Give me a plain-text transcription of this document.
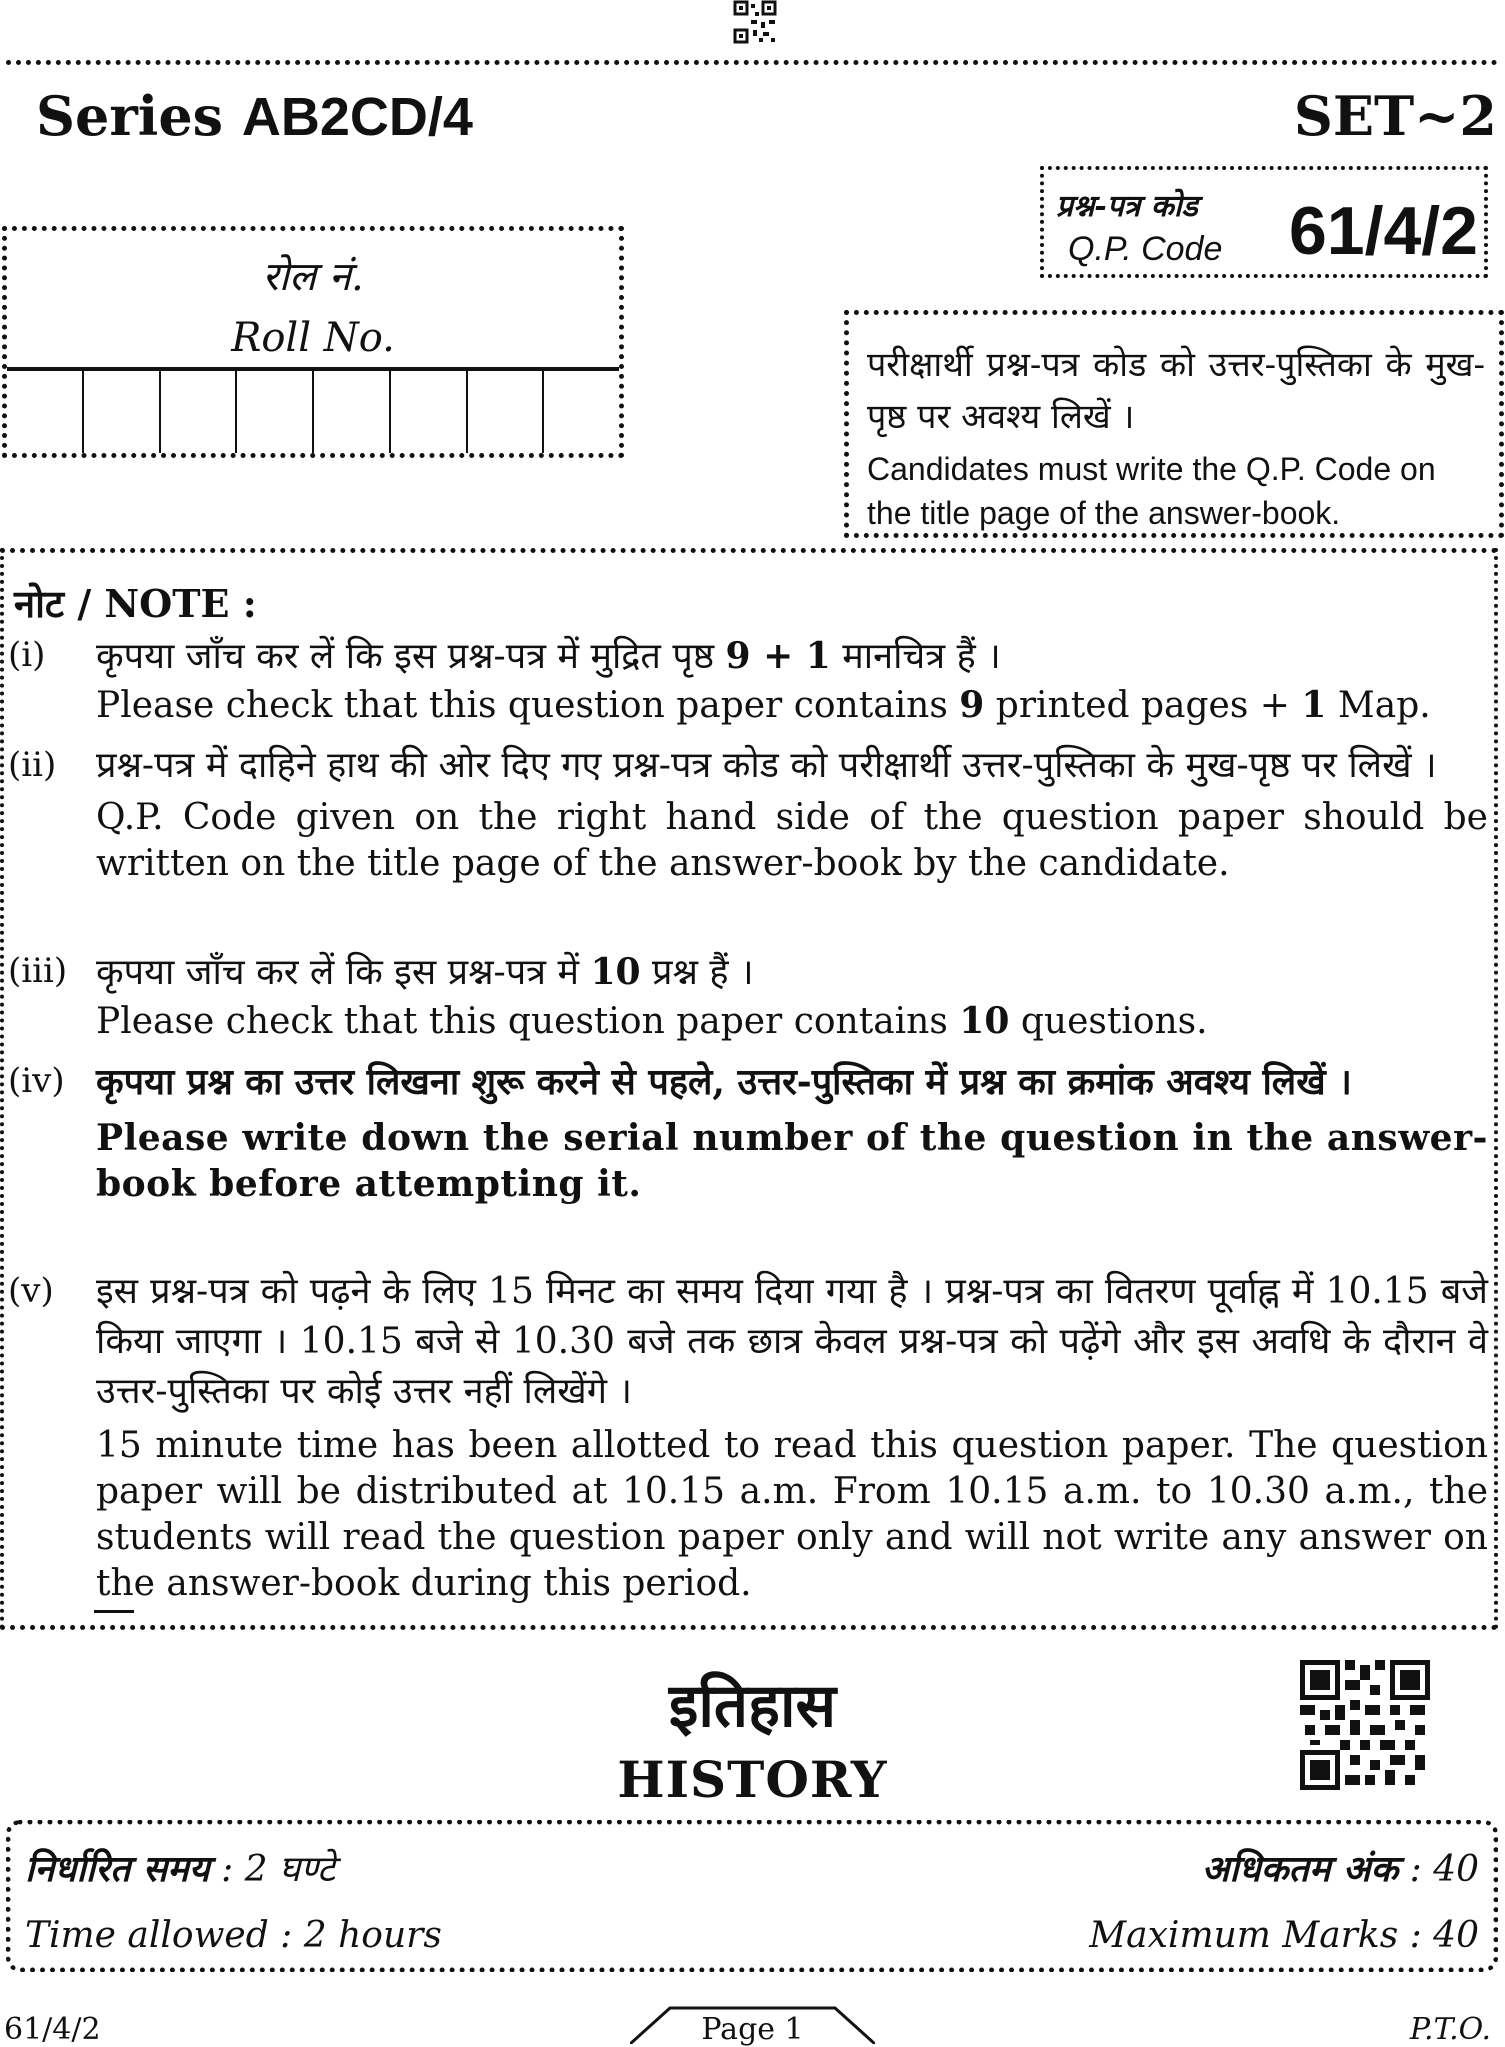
Series AB2CD/4	SET~2
प्रश्न-पत्र कोड
Q.P. Code 61/4/2
रोल नं.
Roll No.
परीक्षार्थी प्रश्न-पत्र कोड को उत्तर-पुस्तिका के मुख-पृष्ठ पर अवश्य लिखें ।
Candidates must write the Q.P. Code on the title page of the answer-book.
नोट / NOTE :
(i) कृपया जाँच कर लें कि इस प्रश्न-पत्र में मुद्रित पृष्ठ 9 + 1 मानचित्र हैं ।
Please check that this question paper contains 9 printed pages + 1 Map.
(ii) प्रश्न-पत्र में दाहिने हाथ की ओर दिए गए प्रश्न-पत्र कोड को परीक्षार्थी उत्तर-पुस्तिका के मुख-पृष्ठ पर लिखें ।
Q.P. Code given on the right hand side of the question paper should be written on the title page of the answer-book by the candidate.
(iii) कृपया जाँच कर लें कि इस प्रश्न-पत्र में 10 प्रश्न हैं ।
Please check that this question paper contains 10 questions.
(iv) कृपया प्रश्न का उत्तर लिखना शुरू करने से पहले, उत्तर-पुस्तिका में प्रश्न का क्रमांक अवश्य लिखें ।
Please write down the serial number of the question in the answer-book before attempting it.
(v) इस प्रश्न-पत्र को पढ़ने के लिए 15 मिनट का समय दिया गया है । प्रश्न-पत्र का वितरण पूर्वाह्न में 10.15 बजे किया जाएगा । 10.15 बजे से 10.30 बजे तक छात्र केवल प्रश्न-पत्र को पढ़ेंगे और इस अवधि के दौरान वे उत्तर-पुस्तिका पर कोई उत्तर नहीं लिखेंगे ।
15 minute time has been allotted to read this question paper. The question paper will be distributed at 10.15 a.m. From 10.15 a.m. to 10.30 a.m., the students will read the question paper only and will not write any answer on the answer-book during this period.
इतिहास
HISTORY
निर्धारित समय : 2 घण्टे
Time allowed : 2 hours
अधिकतम अंक : 40
Maximum Marks : 40
61/4/2	Page 1	P.T.O.
